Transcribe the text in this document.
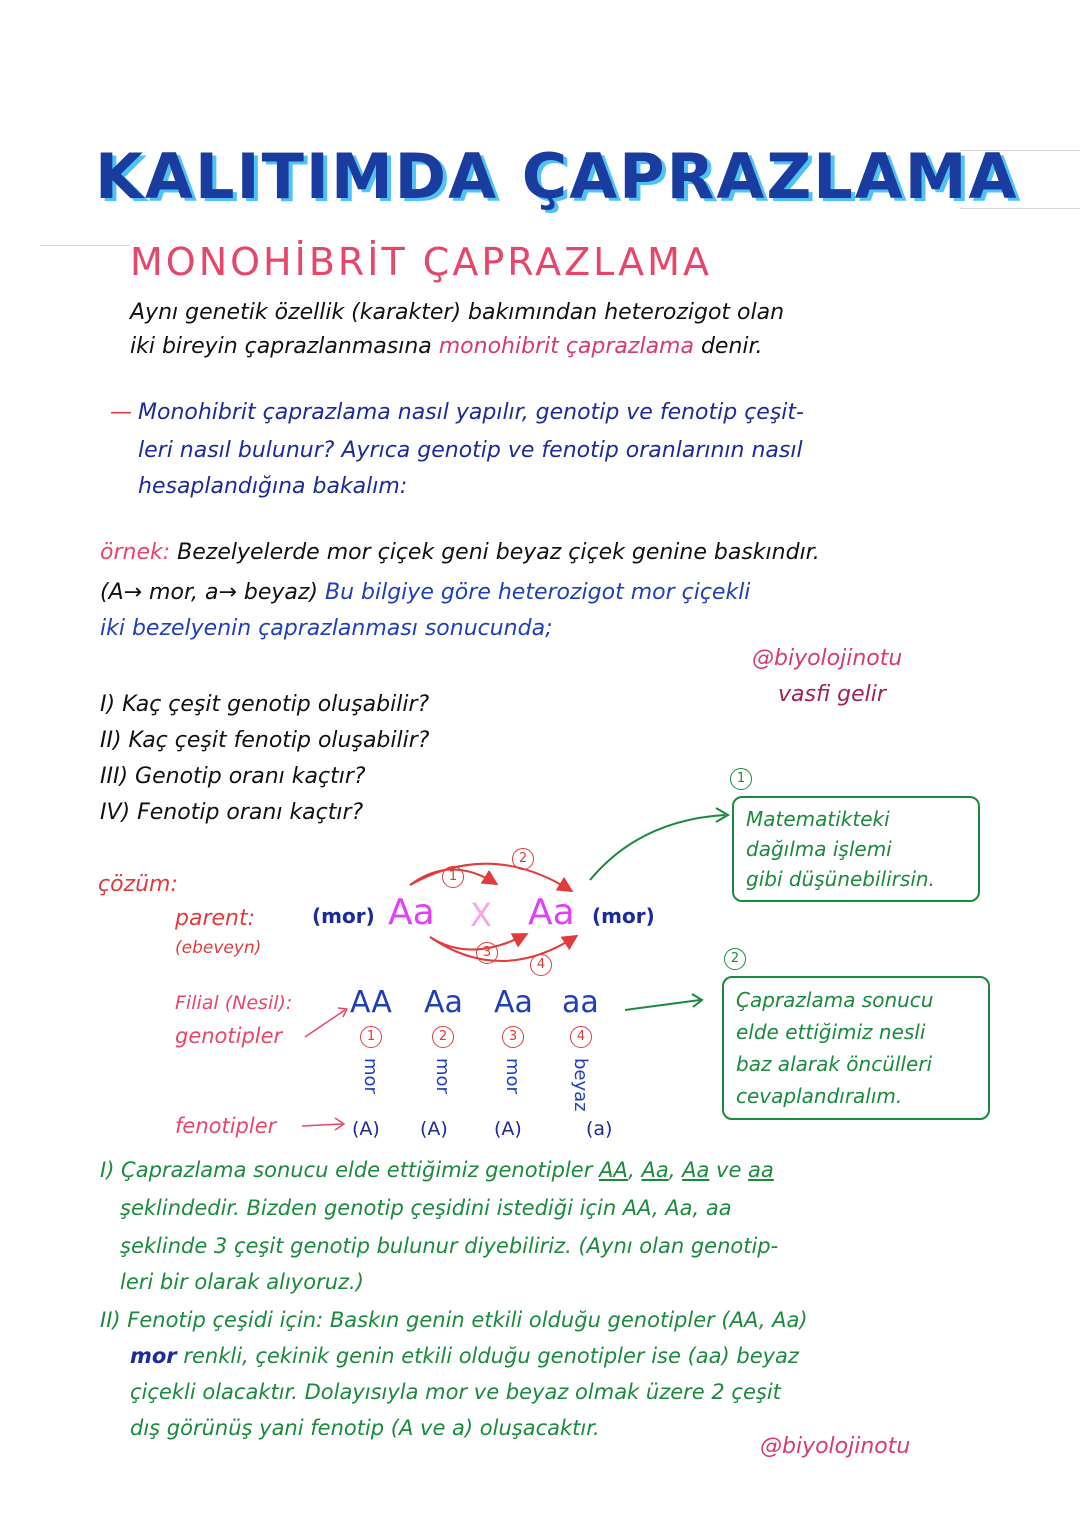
KALITIMDA ÇAPRAZLAMA
MONOHİBRİT ÇAPRAZLAMA
Aynı genetik özellik (karakter) bakımından heterozigot olan
iki bireyin çaprazlanmasına monohibrit çaprazlama denir.
— Monohibrit çaprazlama nasıl yapılır, genotip ve fenotip çeşit-
leri nasıl bulunur? Ayrıca genotip ve fenotip oranlarının nasıl
hesaplandığına bakalım:
örnek: Bezelyelerde mor çiçek geni beyaz çiçek genine baskındır.
(A→ mor, a→ beyaz) Bu bilgiye göre heterozigot mor çiçekli
iki bezelyenin çaprazlanması sonucunda;
@biyolojinotu
vasfi gelir
I) Kaç çeşit genotip oluşabilir?
II) Kaç çeşit fenotip oluşabilir?
III) Genotip oranı kaçtır?
IV) Fenotip oranı kaçtır?
çözüm:
parent:
(ebeveyn)
(mor) Aa X Aa (mor)
1
2
3
4
Filial (Nesil):
genotipler
AA Aa Aa aa
1	2	3	4
mor	mor	mor	beyaz
fenotipler	(A) (A) (A)	(a)
1
Matematikteki
dağılma işlemi
gibi düşünebilirsin.
2
Çaprazlama sonucu
elde ettiğimiz nesli
baz alarak öncülleri
cevaplandıralım.
I) Çaprazlama sonucu elde ettiğimiz genotipler AA, Aa, Aa ve aa
şeklindedir. Bizden genotip çeşidini istediği için AA, Aa, aa
şeklinde 3 çeşit genotip bulunur diyebiliriz. (Aynı olan genotip-
leri bir olarak alıyoruz.)
II) Fenotip çeşidi için: Baskın genin etkili olduğu genotipler (AA, Aa)
mor renkli, çekinik genin etkili olduğu genotipler ise (aa) beyaz
çiçekli olacaktır. Dolayısıyla mor ve beyaz olmak üzere 2 çeşit
dış görünüş yani fenotip (A ve a) oluşacaktır.
@biyolojinotu
